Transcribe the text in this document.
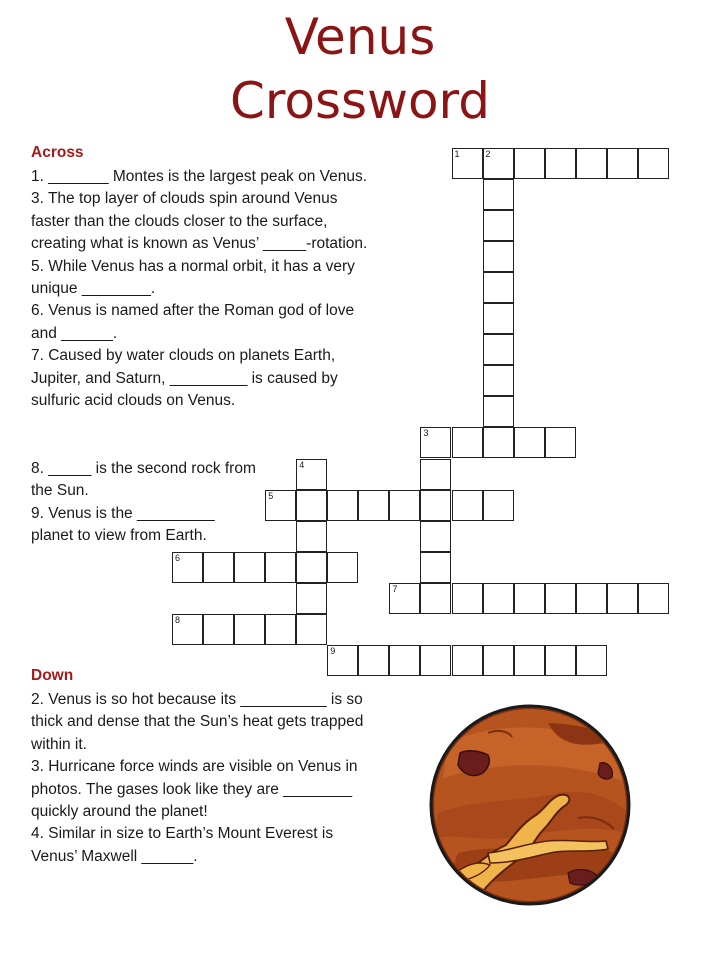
Venus
Crossword
Across

1. _______ Montes is the largest peak on Venus.

3. The top layer of clouds spin around Venus faster than the clouds closer to the surface, creating what is known as Venus’ _____-rotation.

5. While Venus has a normal orbit, it has a very unique ________.

6. Venus is named after the Roman god of love and ______.

7. Caused by water clouds on planets Earth, Jupiter, and Saturn, _________ is caused by sulfuric acid clouds on Venus.

8. _____ is the second rock from the Sun.

9. Venus is the _________ planet to view from Earth.

Down

2. Venus is so hot because its __________ is so thick and dense that the Sun’s heat gets trapped within it.

3. Hurricane force winds are visible on Venus in photos. The gases look like they are ________ quickly around the planet!

4. Similar in size to Earth’s Mount Everest is Venus’ Maxwell ______.

1	2
3
4
5
6
7
8
9
